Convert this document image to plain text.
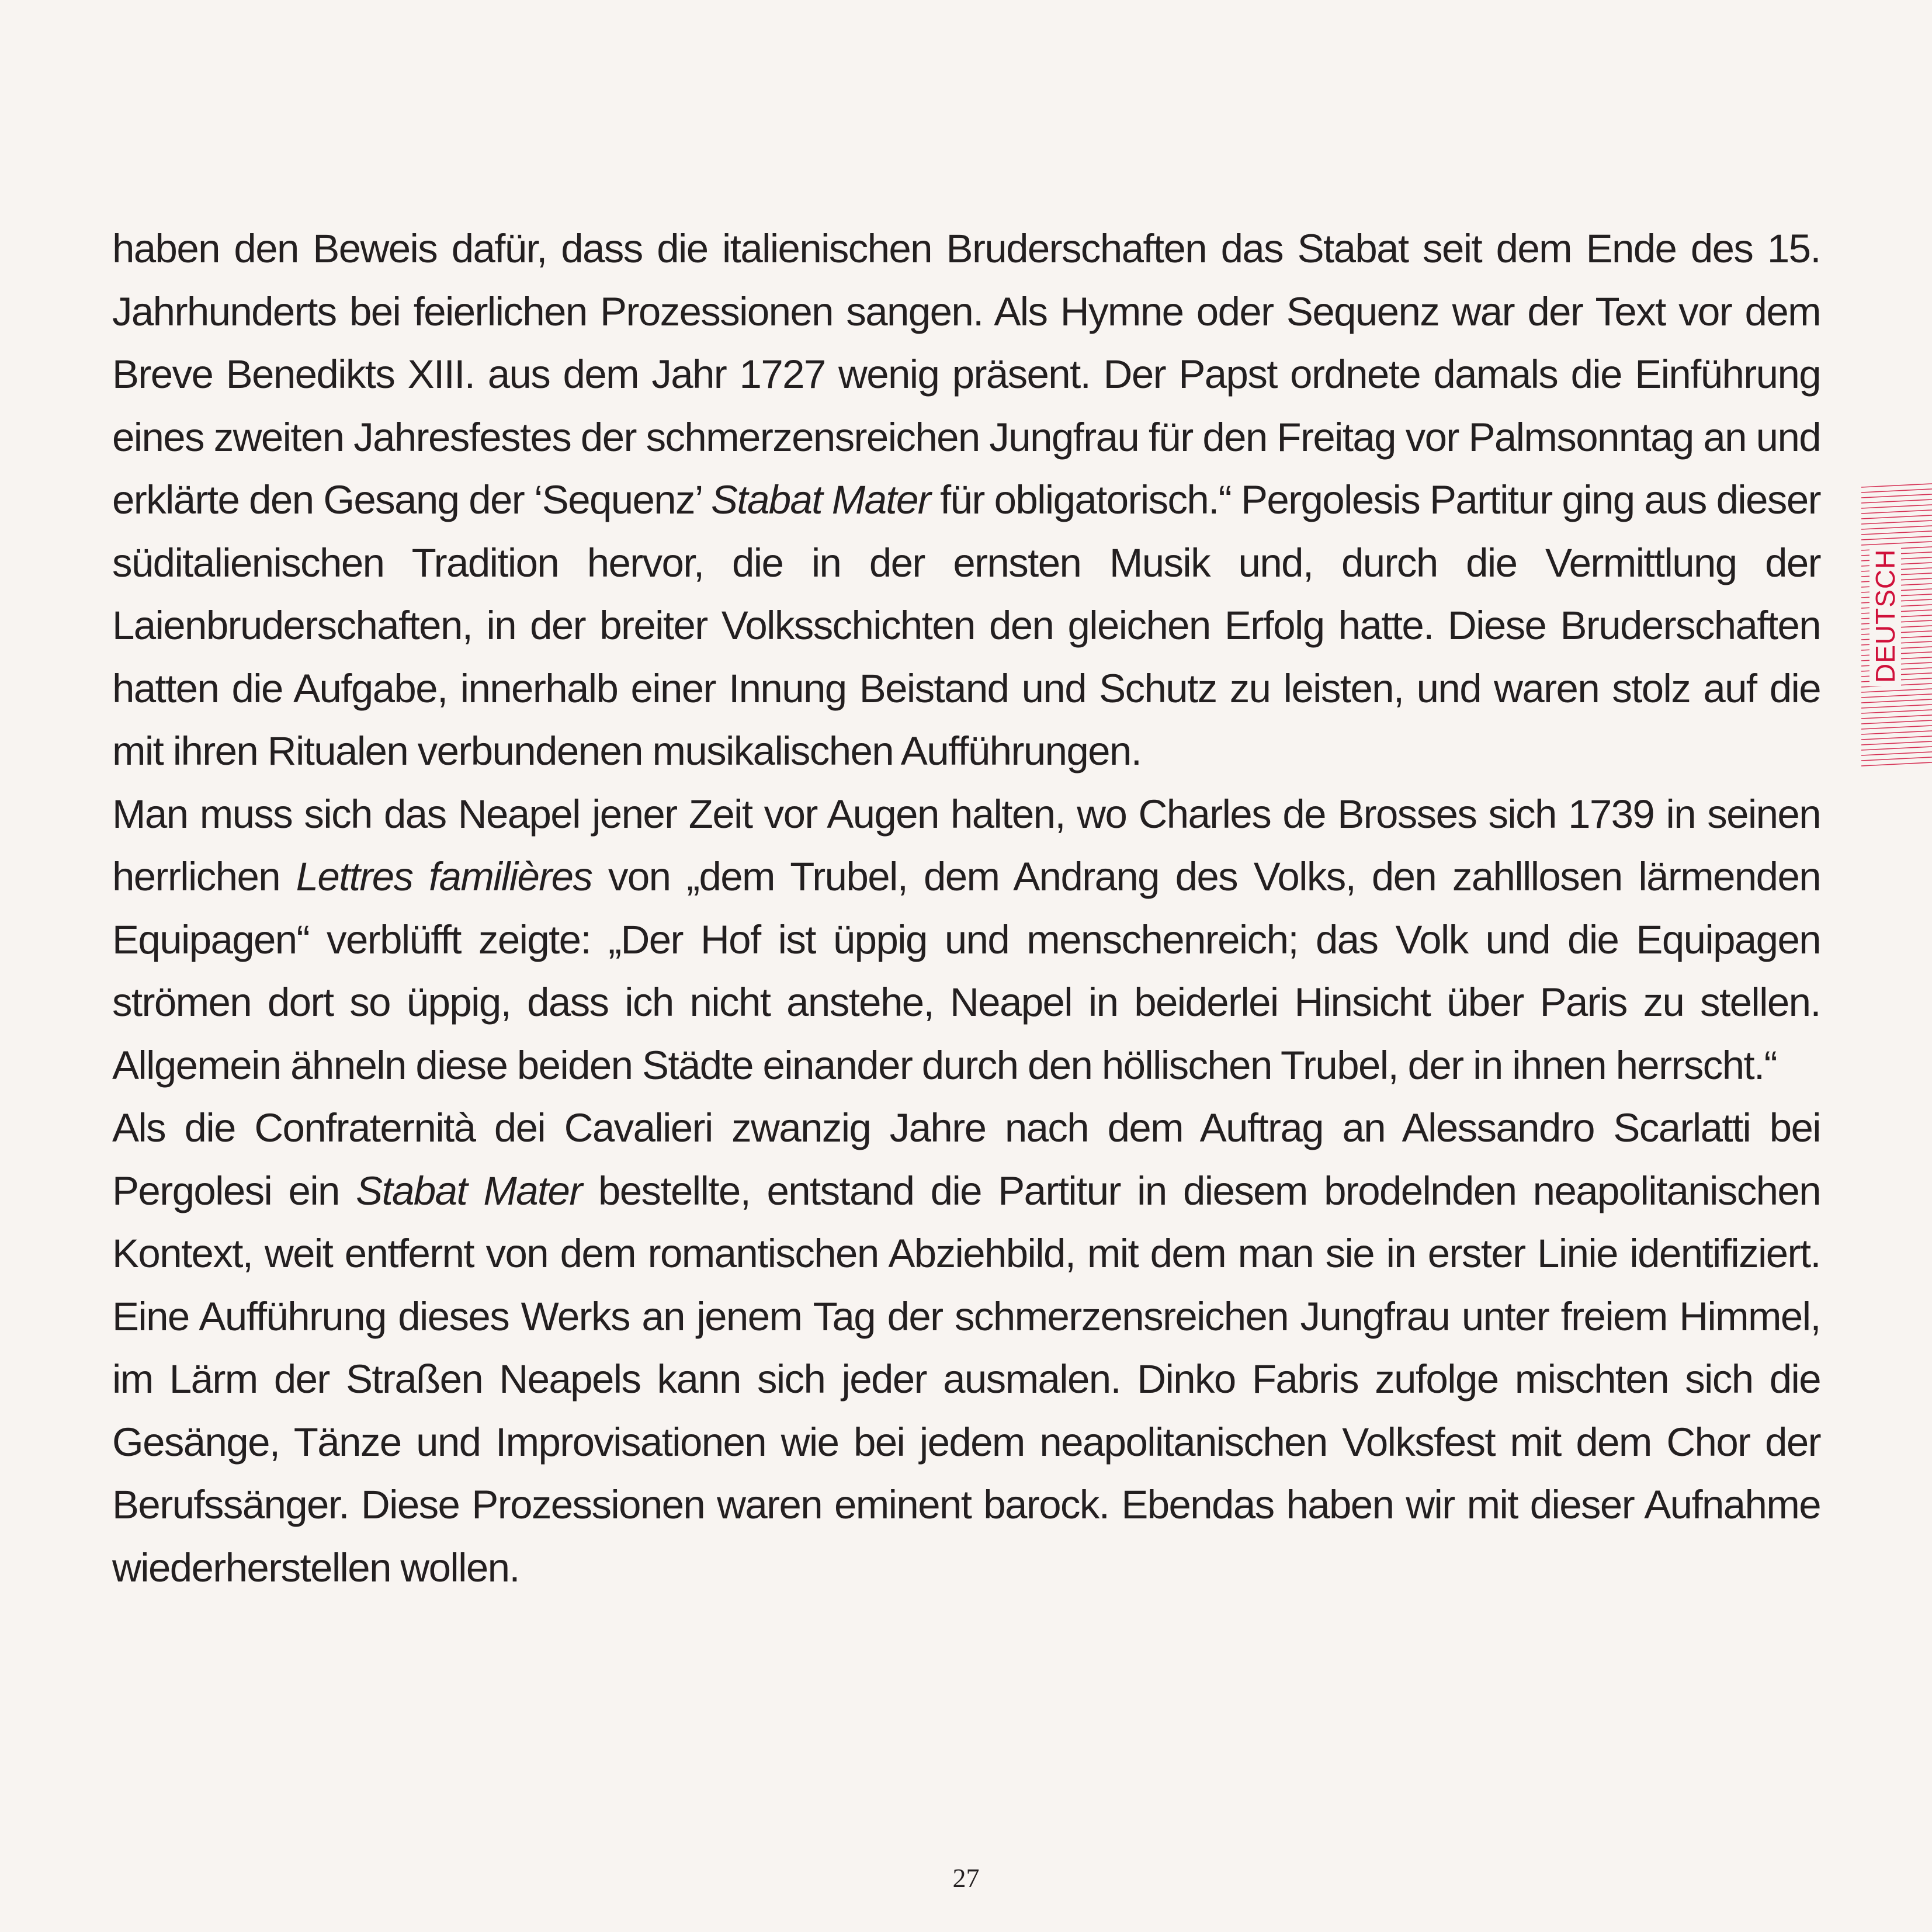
haben den Beweis dafür, dass die italienischen Bruderschaften das Stabat seit dem Ende des 15. Jahrhunderts bei feierlichen Prozessionen sangen. Als Hymne oder Sequenz war der Text vor dem Breve Benedikts XIII. aus dem Jahr 1727 wenig präsent. Der Papst ordnete damals die Einführung eines zweiten Jahresfestes der schmerzensreichen Jungfrau für den Freitag vor Palmsonntag an und erklärte den Gesang der ‘Sequenz’ Stabat Mater für obligatorisch.“ Pergolesis Partitur ging aus dieser süditalienischen Tradition hervor, die in der ernsten Musik und, durch die Vermittlung der Laienbruderschaften, in der breiter Volksschichten den gleichen Erfolg hatte. Diese Bruderschaften hatten die Aufgabe, innerhalb einer Innung Beistand und Schutz zu leisten, und waren stolz auf die mit ihren Ritualen verbundenen musikalischen Aufführungen.

Man muss sich das Neapel jener Zeit vor Augen halten, wo Charles de Brosses sich 1739 in seinen herrlichen Lettres familières von „dem Trubel, dem Andrang des Volks, den zahlllosen lärmenden Equipagen“ verblüfft zeigte: „Der Hof ist üppig und menschenreich; das Volk und die Equipagen strömen dort so üppig, dass ich nicht anstehe, Neapel in beiderlei Hinsicht über Paris zu stellen. Allgemein ähneln diese beiden Städte einander durch den höllischen Trubel, der in ihnen herrscht.“

Als die Confraternità dei Cavalieri zwanzig Jahre nach dem Auftrag an Alessandro Scarlatti bei Pergolesi ein Stabat Mater bestellte, entstand die Partitur in diesem brodelnden neapolitanischen Kontext, weit entfernt von dem romantischen Abziehbild, mit dem man sie in erster Linie identifiziert. Eine Aufführung dieses Werks an jenem Tag der schmerzensreichen Jungfrau unter freiem Himmel, im Lärm der Straßen Neapels kann sich jeder ausmalen. Dinko Fabris zufolge mischten sich die Gesänge, Tänze und Improvisationen wie bei jedem neapolitanischen Volksfest mit dem Chor der Berufssänger. Diese Prozessionen waren eminent barock. Ebendas haben wir mit dieser Aufnahme wiederherstellen wollen.

DEUTSCH
27
